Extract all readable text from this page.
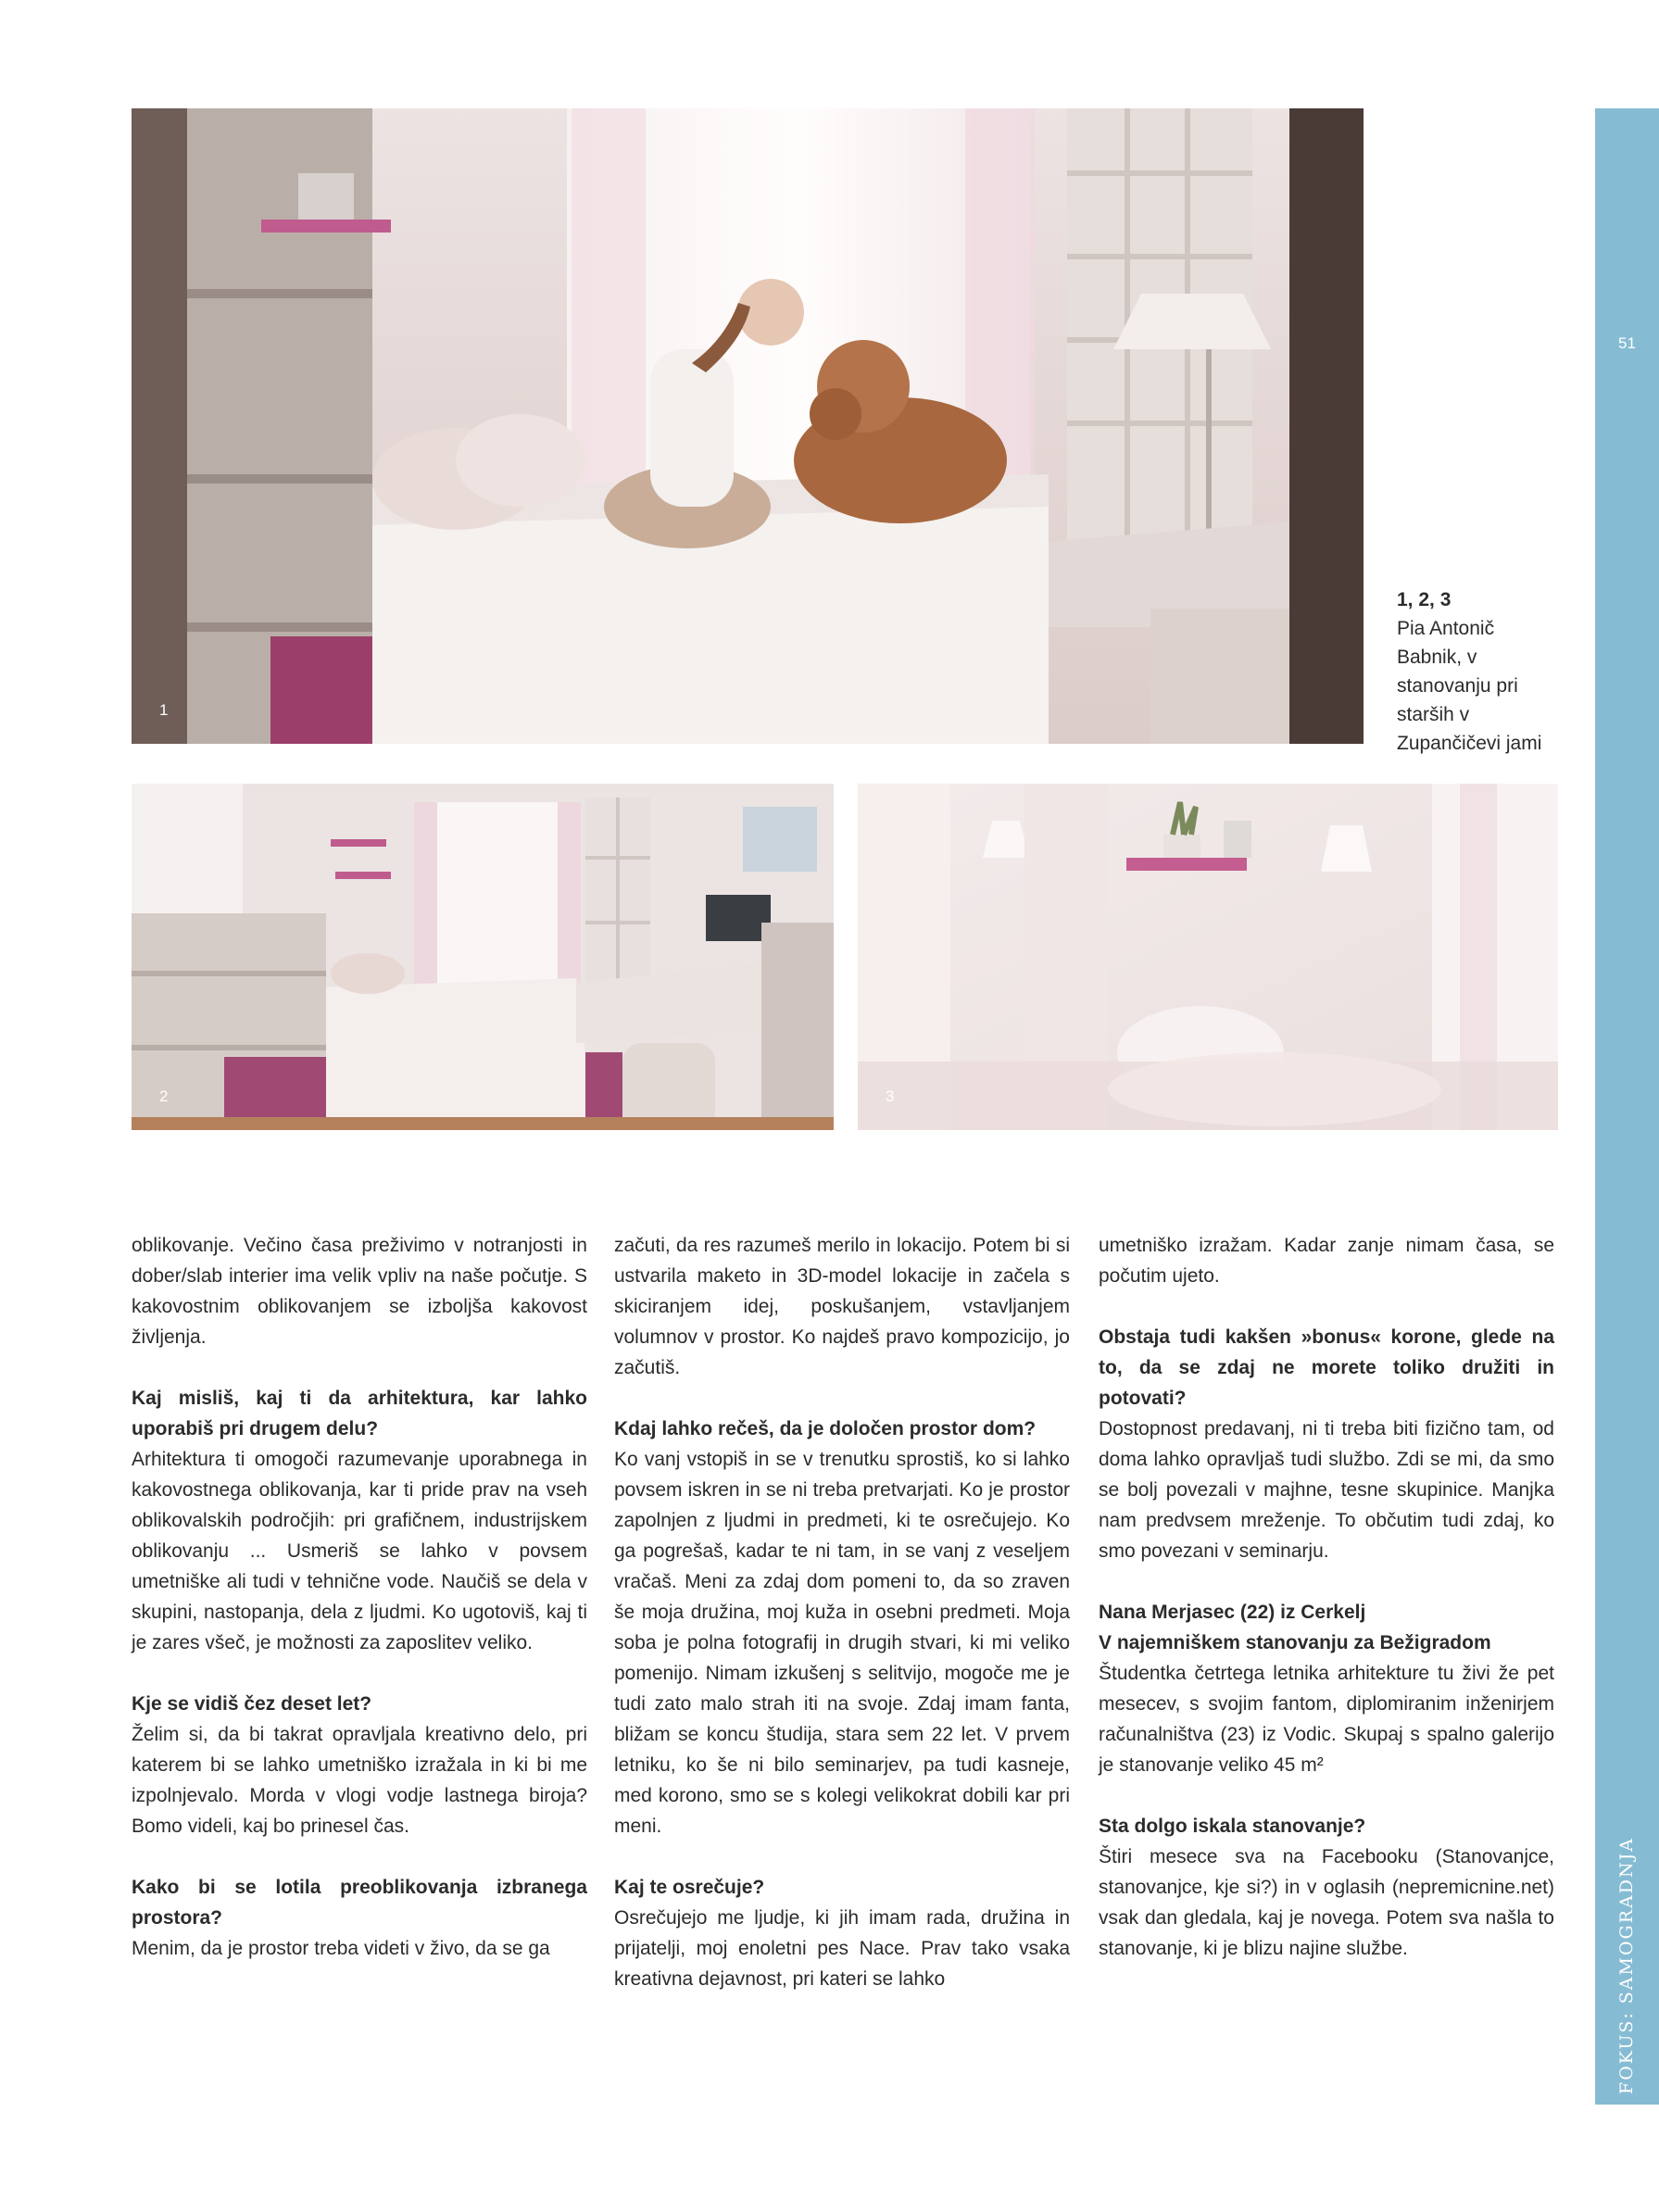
1
2	3
1, 2, 3
Pia Antonič Babnik, v stanovanju pri starših v Zupančičevi jami
51
FOKUS: SAMOGRADNJA

oblikovanje. Večino časa preživimo v notranjosti in dober/slab interier ima velik vpliv na naše počutje. S kakovostnim oblikovanjem se izboljša kakovost življenja.

Kaj misliš, kaj ti da arhitektura, kar lahko uporabiš pri drugem delu?
Arhitektura ti omogoči razumevanje uporabnega in kakovostnega oblikovanja, kar ti pride prav na vseh oblikovalskih področjih: pri grafičnem, industrijskem oblikovanju ... Usmeriš se lahko v povsem umetniške ali tudi v tehnične vode. Naučiš se dela v skupini, nastopanja, dela z ljudmi. Ko ugotoviš, kaj ti je zares všeč, je možnosti za zaposlitev veliko.

Kje se vidiš čez deset let?
Želim si, da bi takrat opravljala kreativno delo, pri katerem bi se lahko umetniško izražala in ki bi me izpolnjevalo. Morda v vlogi vodje lastnega biroja? Bomo videli, kaj bo prinesel čas.

Kako bi se lotila preoblikovanja izbranega prostora?
Menim, da je prostor treba videti v živo, da se ga

začuti, da res razumeš merilo in lokacijo. Potem bi si ustvarila maketo in 3D-model lokacije in začela s skiciranjem idej, poskušanjem, vstavljanjem volumnov v prostor. Ko najdeš pravo kompozicijo, jo začutiš.

Kdaj lahko rečeš, da je določen prostor dom?
Ko vanj vstopiš in se v trenutku sprostiš, ko si lahko povsem iskren in se ni treba pretvarjati. Ko je prostor zapolnjen z ljudmi in predmeti, ki te osrečujejo. Ko ga pogrešaš, kadar te ni tam, in se vanj z veseljem vračaš. Meni za zdaj dom pomeni to, da so zraven še moja družina, moj kuža in osebni predmeti. Moja soba je polna fotografij in drugih stvari, ki mi veliko pomenijo. Nimam izkušenj s selitvijo, mogoče me je tudi zato malo strah iti na svoje. Zdaj imam fanta, bližam se koncu študija, stara sem 22 let. V prvem letniku, ko še ni bilo seminarjev, pa tudi kasneje, med korono, smo se s kolegi velikokrat dobili kar pri meni.

Kaj te osrečuje?
Osrečujejo me ljudje, ki jih imam rada, družina in prijatelji, moj enoletni pes Nace. Prav tako vsaka kreativna dejavnost, pri kateri se lahko

umetniško izražam. Kadar zanje nimam časa, se počutim ujeto.

Obstaja tudi kakšen »bonus« korone, glede na to, da se zdaj ne morete toliko družiti in potovati?
Dostopnost predavanj, ni ti treba biti fizično tam, od doma lahko opravljaš tudi službo. Zdi se mi, da smo se bolj povezali v majhne, tesne skupinice. Manjka nam predvsem mreženje. To občutim tudi zdaj, ko smo povezani v seminarju.

Nana Merjasec (22) iz Cerkelj
V najemniškem stanovanju za Bežigradom
Študentka četrtega letnika arhitekture tu živi že pet mesecev, s svojim fantom, diplomiranim inženirjem računalništva (23) iz Vodic. Skupaj s spalno galerijo je stanovanje veliko 45 m²

Sta dolgo iskala stanovanje?
Štiri mesece sva na Facebooku (Stanovanjce, stanovanjce, kje si?) in v oglasih (nepremicnine.net) vsak dan gledala, kaj je novega. Potem sva našla to stanovanje, ki je blizu najine službe.
